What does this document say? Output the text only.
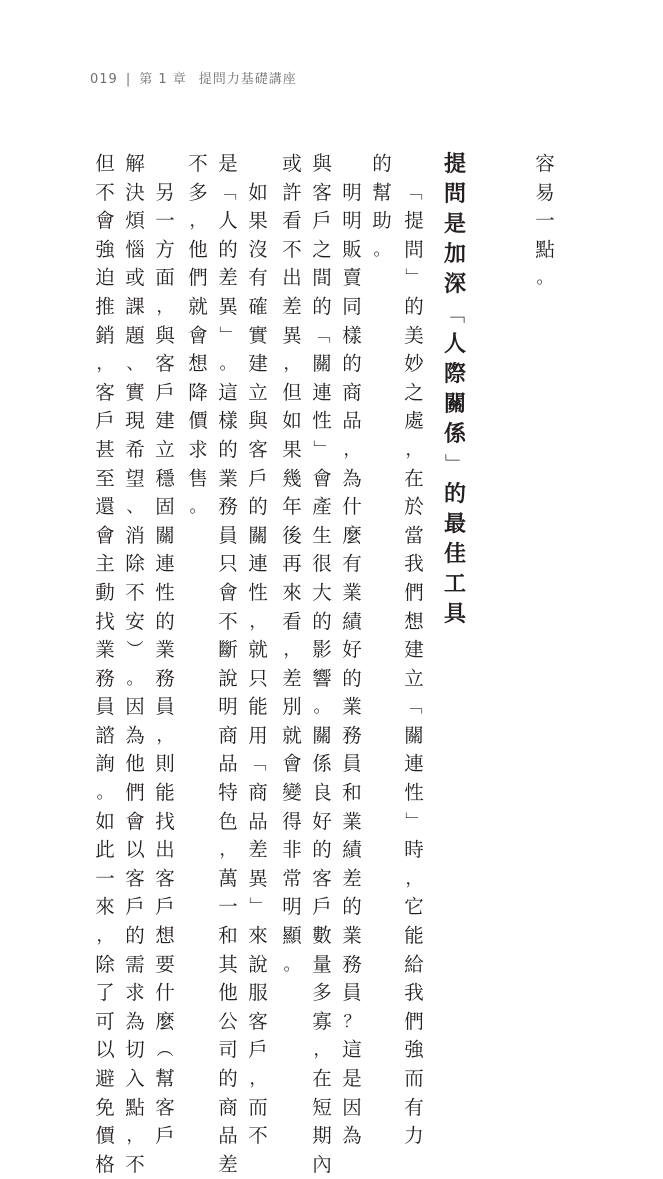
019 | 第 1 章 提問力基礎講座
容
易
一
點
。
提
問
是
加
深
﹁
人
際
關
係
﹂
的
最
佳
工
具

﹁
提
問
﹂
的
美
妙
之
處
，
在
於
當
我
們
想
建
立
﹁
關
連
性
﹂
時
，
它
能
給
我
們
強
而
有
力
的
幫
助
。

明
明
販
賣
同
樣
的
商
品
，
為
什
麼
有
業
績
好
的
業
務
員
和
業
績
差
的
業
務
員
？
這
是
因
為
與
客
戶
之
間
的
﹁
關
連
性
﹂
會
產
生
很
大
的
影
響
。
關
係
良
好
的
客
戶
數
量
多
寡
，
在
短
期
內
或
許
看
不
出
差
異
，
但
如
果
幾
年
後
再
來
看
，
差
別
就
會
變
得
非
常
明
顯
。

如
果
沒
有
確
實
建
立
與
客
戶
的
關
連
性
，
就
只
能
用
﹁
商
品
差
異
﹂
來
說
服
客
戶
，
而
不
是
﹁
人
的
差
異
﹂
。
這
樣
的
業
務
員
只
會
不
斷
說
明
商
品
特
色
，
萬
一
和
其
他
公
司
的
商
品
差
不
多
，
他
們
就
會
想
降
價
求
售
。

另
一
方
面
，
與
客
戶
建
立
穩
固
關
連
性
的
業
務
員
，
則
能
找
出
客
戶
想
要
什
麼
︵
幫
客
戶
解
決
煩
惱
或
課
題
、
實
現
希
望
、
消
除
不
安
︶
。
因
為
他
們
會
以
客
戶
的
需
求
為
切
入
點
，
不
但
不
會
強
迫
推
銷
，
客
戶
甚
至
還
會
主
動
找
業
務
員
諮
詢
。
如
此
一
來
，
除
了
可
以
避
免
價
格
